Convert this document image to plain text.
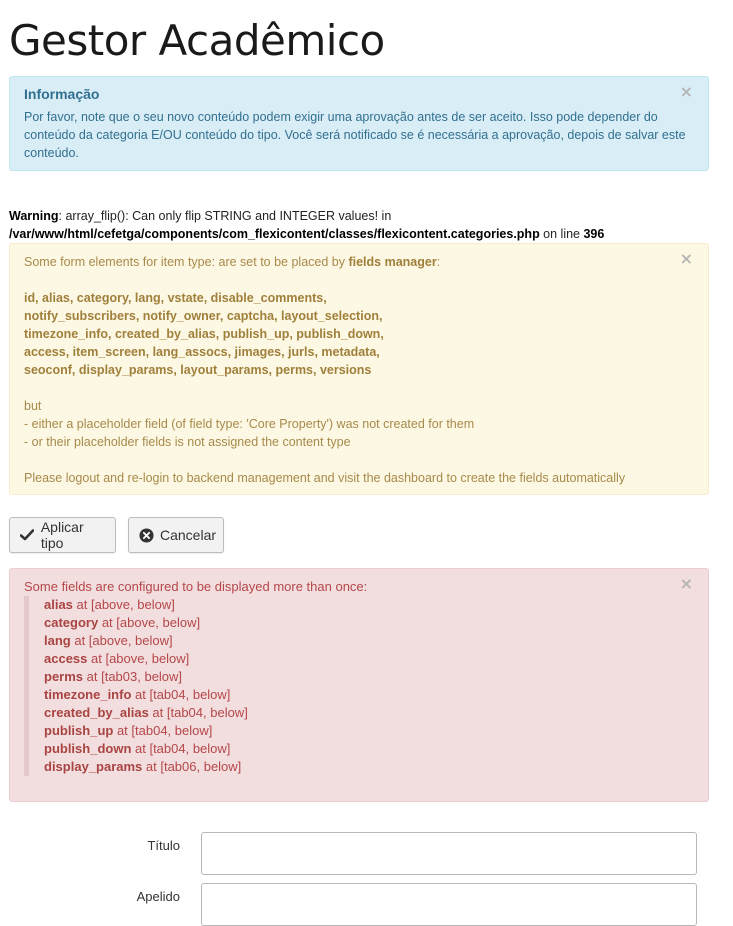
Gestor Acadêmico
×
Informação
Por favor, note que o seu novo conteúdo podem exigir uma aprovação antes de ser aceito. Isso pode depender do conteúdo da categoria E/OU conteúdo do tipo. Você será notificado se é necessária a aprovação, depois de salvar este conteúdo.
Warning: array_flip(): Can only flip STRING and INTEGER values! in
/var/www/html/cefetga/components/com_flexicontent/classes/flexicontent.categories.php on line 396
×

Some form elements for item type: are set to be placed by fields manager:

id, alias, category, lang, vstate, disable_comments,
notify_subscribers, notify_owner, captcha, layout_selection,
timezone_info, created_by_alias, publish_up, publish_down,
access, item_screen, lang_assocs, jimages, jurls, metadata,
seoconf, display_params, layout_params, perms, versions

but

- either a placeholder field (of field type: 'Core Property') was not created for them

- or their placeholder fields is not assigned the content type

Please logout and re-login to backend management and visit the dashboard to create the fields automatically

Aplicar tipo	Cancelar
×
Some fields are configured to be displayed more than once:
alias at [above, below]
category at [above, below]
lang at [above, below]
access at [above, below]
perms at [tab03, below]
timezone_info at [tab04, below]
created_by_alias at [tab04, below]
publish_up at [tab04, below]
publish_down at [tab04, below]
display_params at [tab06, below]
Título
Apelido
